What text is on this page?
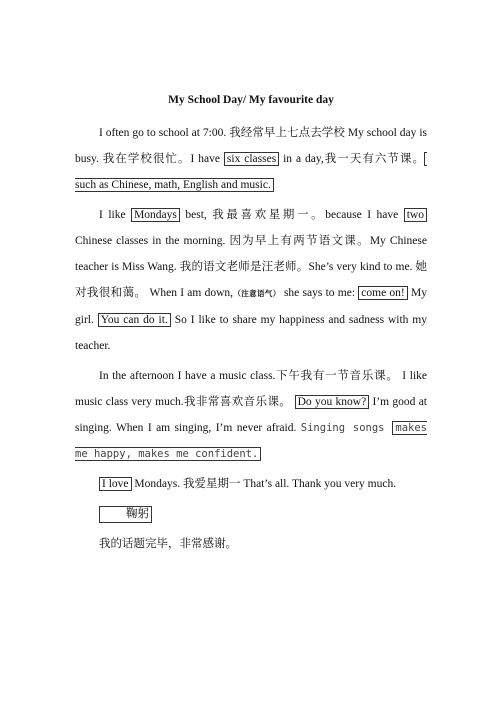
My School Day/ My favourite day

I often go to school at 7:00. 我经常早上七点去学校 My school day is busy. 我在学校很忙。I have six classes in a day,我一天有六节课。 such as Chinese, math, English and music.

I like Mondays best, 我最喜欢星期一。because I have two Chinese classes in the morning. 因为早上有两节语文课。My Chinese teacher is Miss Wang. 我的语文老师是汪老师。She’s very kind to me. 她对我很和蔼。 When I am down,（注意语气） she says to me: come on! My girl. You can do it. So I like to share my happiness and sadness with my teacher.

In the afternoon I have a music class.下午我有一节音乐课。 I like music class very much.我非常喜欢音乐课。 Do you know? I’m good at singing. When I am singing, I’m never afraid. Singing songs makes me happy, makes me confident.

I love Mondays. 我爱星期一 That’s all. Thank you very much.

鞠躬

我的话题完毕，非常感谢。
